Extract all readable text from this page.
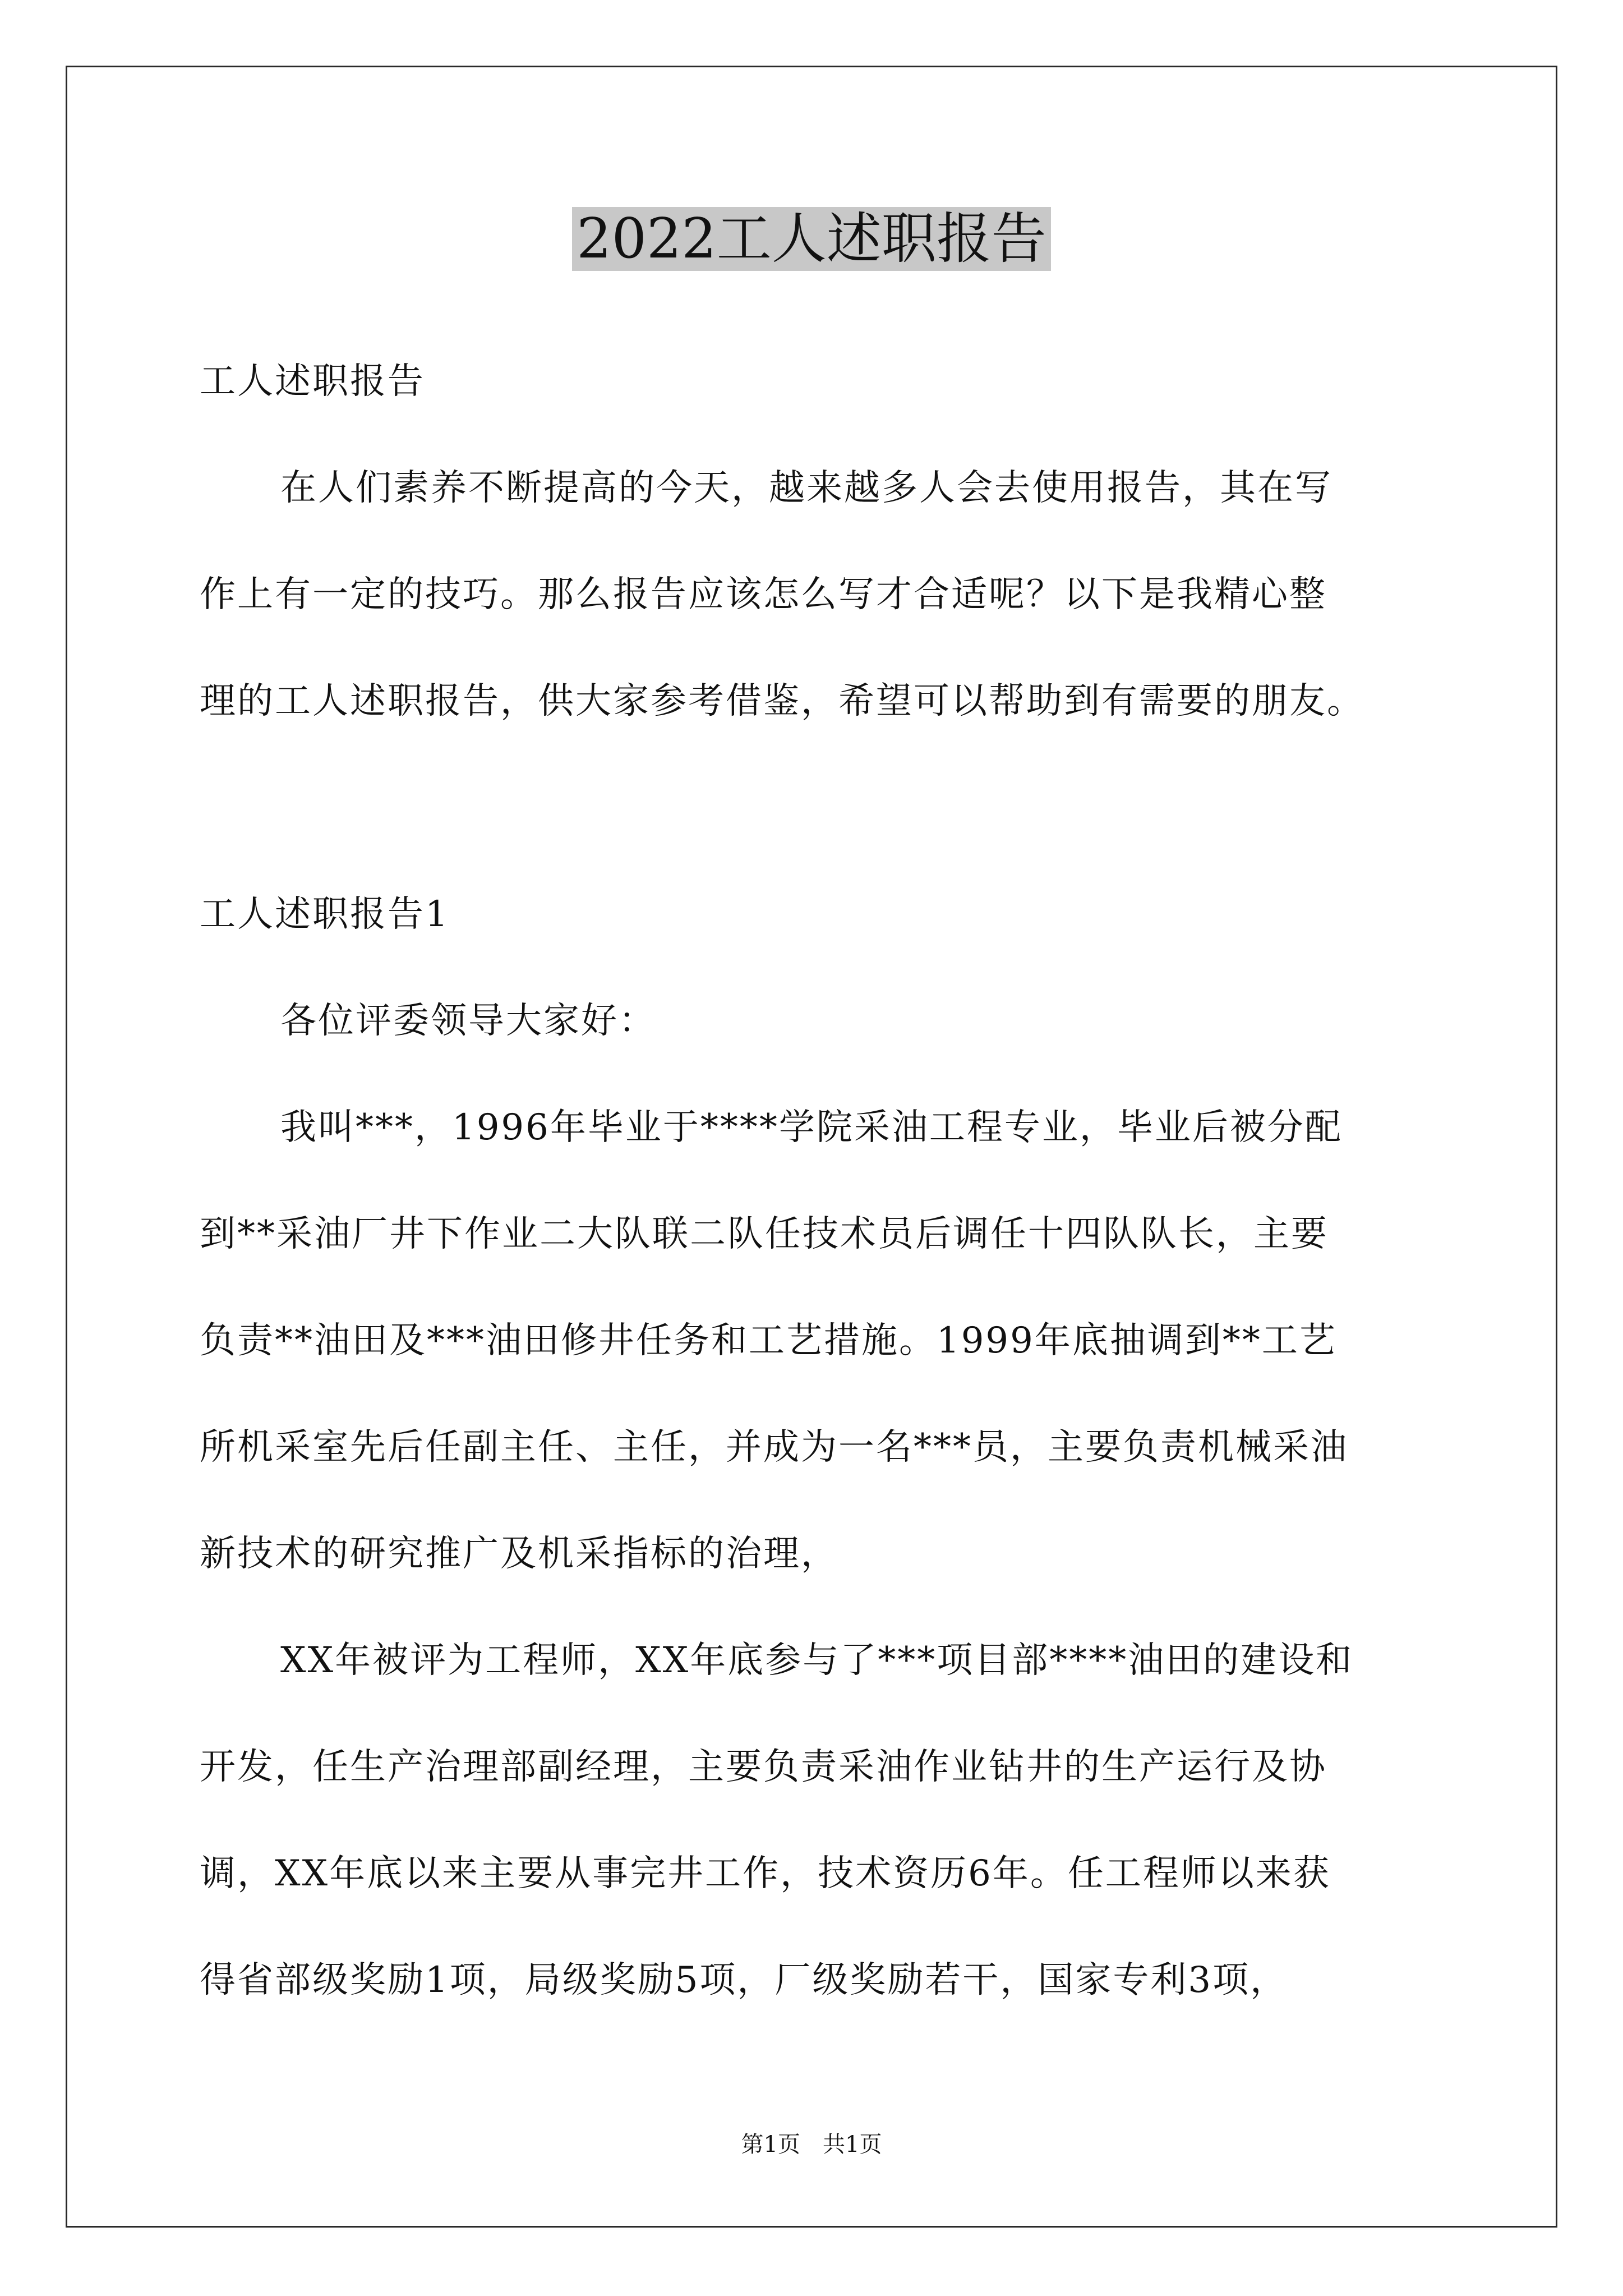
2022工人述职报告

工人述职报告

在人们素养不断提高的今天，越来越多人会去使用报告，其在写

作上有一定的技巧。那么报告应该怎么写才合适呢？以下是我精心整

理的工人述职报告，供大家参考借鉴，希望可以帮助到有需要的朋友。

工人述职报告1

各位评委领导大家好：

我叫***，1996年毕业于****学院采油工程专业，毕业后被分配

到**采油厂井下作业二大队联二队任技术员后调任十四队队长，主要

负责**油田及***油田修井任务和工艺措施。1999年底抽调到**工艺

所机采室先后任副主任、主任，并成为一名***员，主要负责机械采油

新技术的研究推广及机采指标的治理，

XX年被评为工程师，XX年底参与了***项目部****油田的建设和

开发，任生产治理部副经理，主要负责采油作业钻井的生产运行及协

调，XX年底以来主要从事完井工作，技术资历6年。任工程师以来获

得省部级奖励1项，局级奖励5项，厂级奖励若干，国家专利3项，

第1页　共1页
